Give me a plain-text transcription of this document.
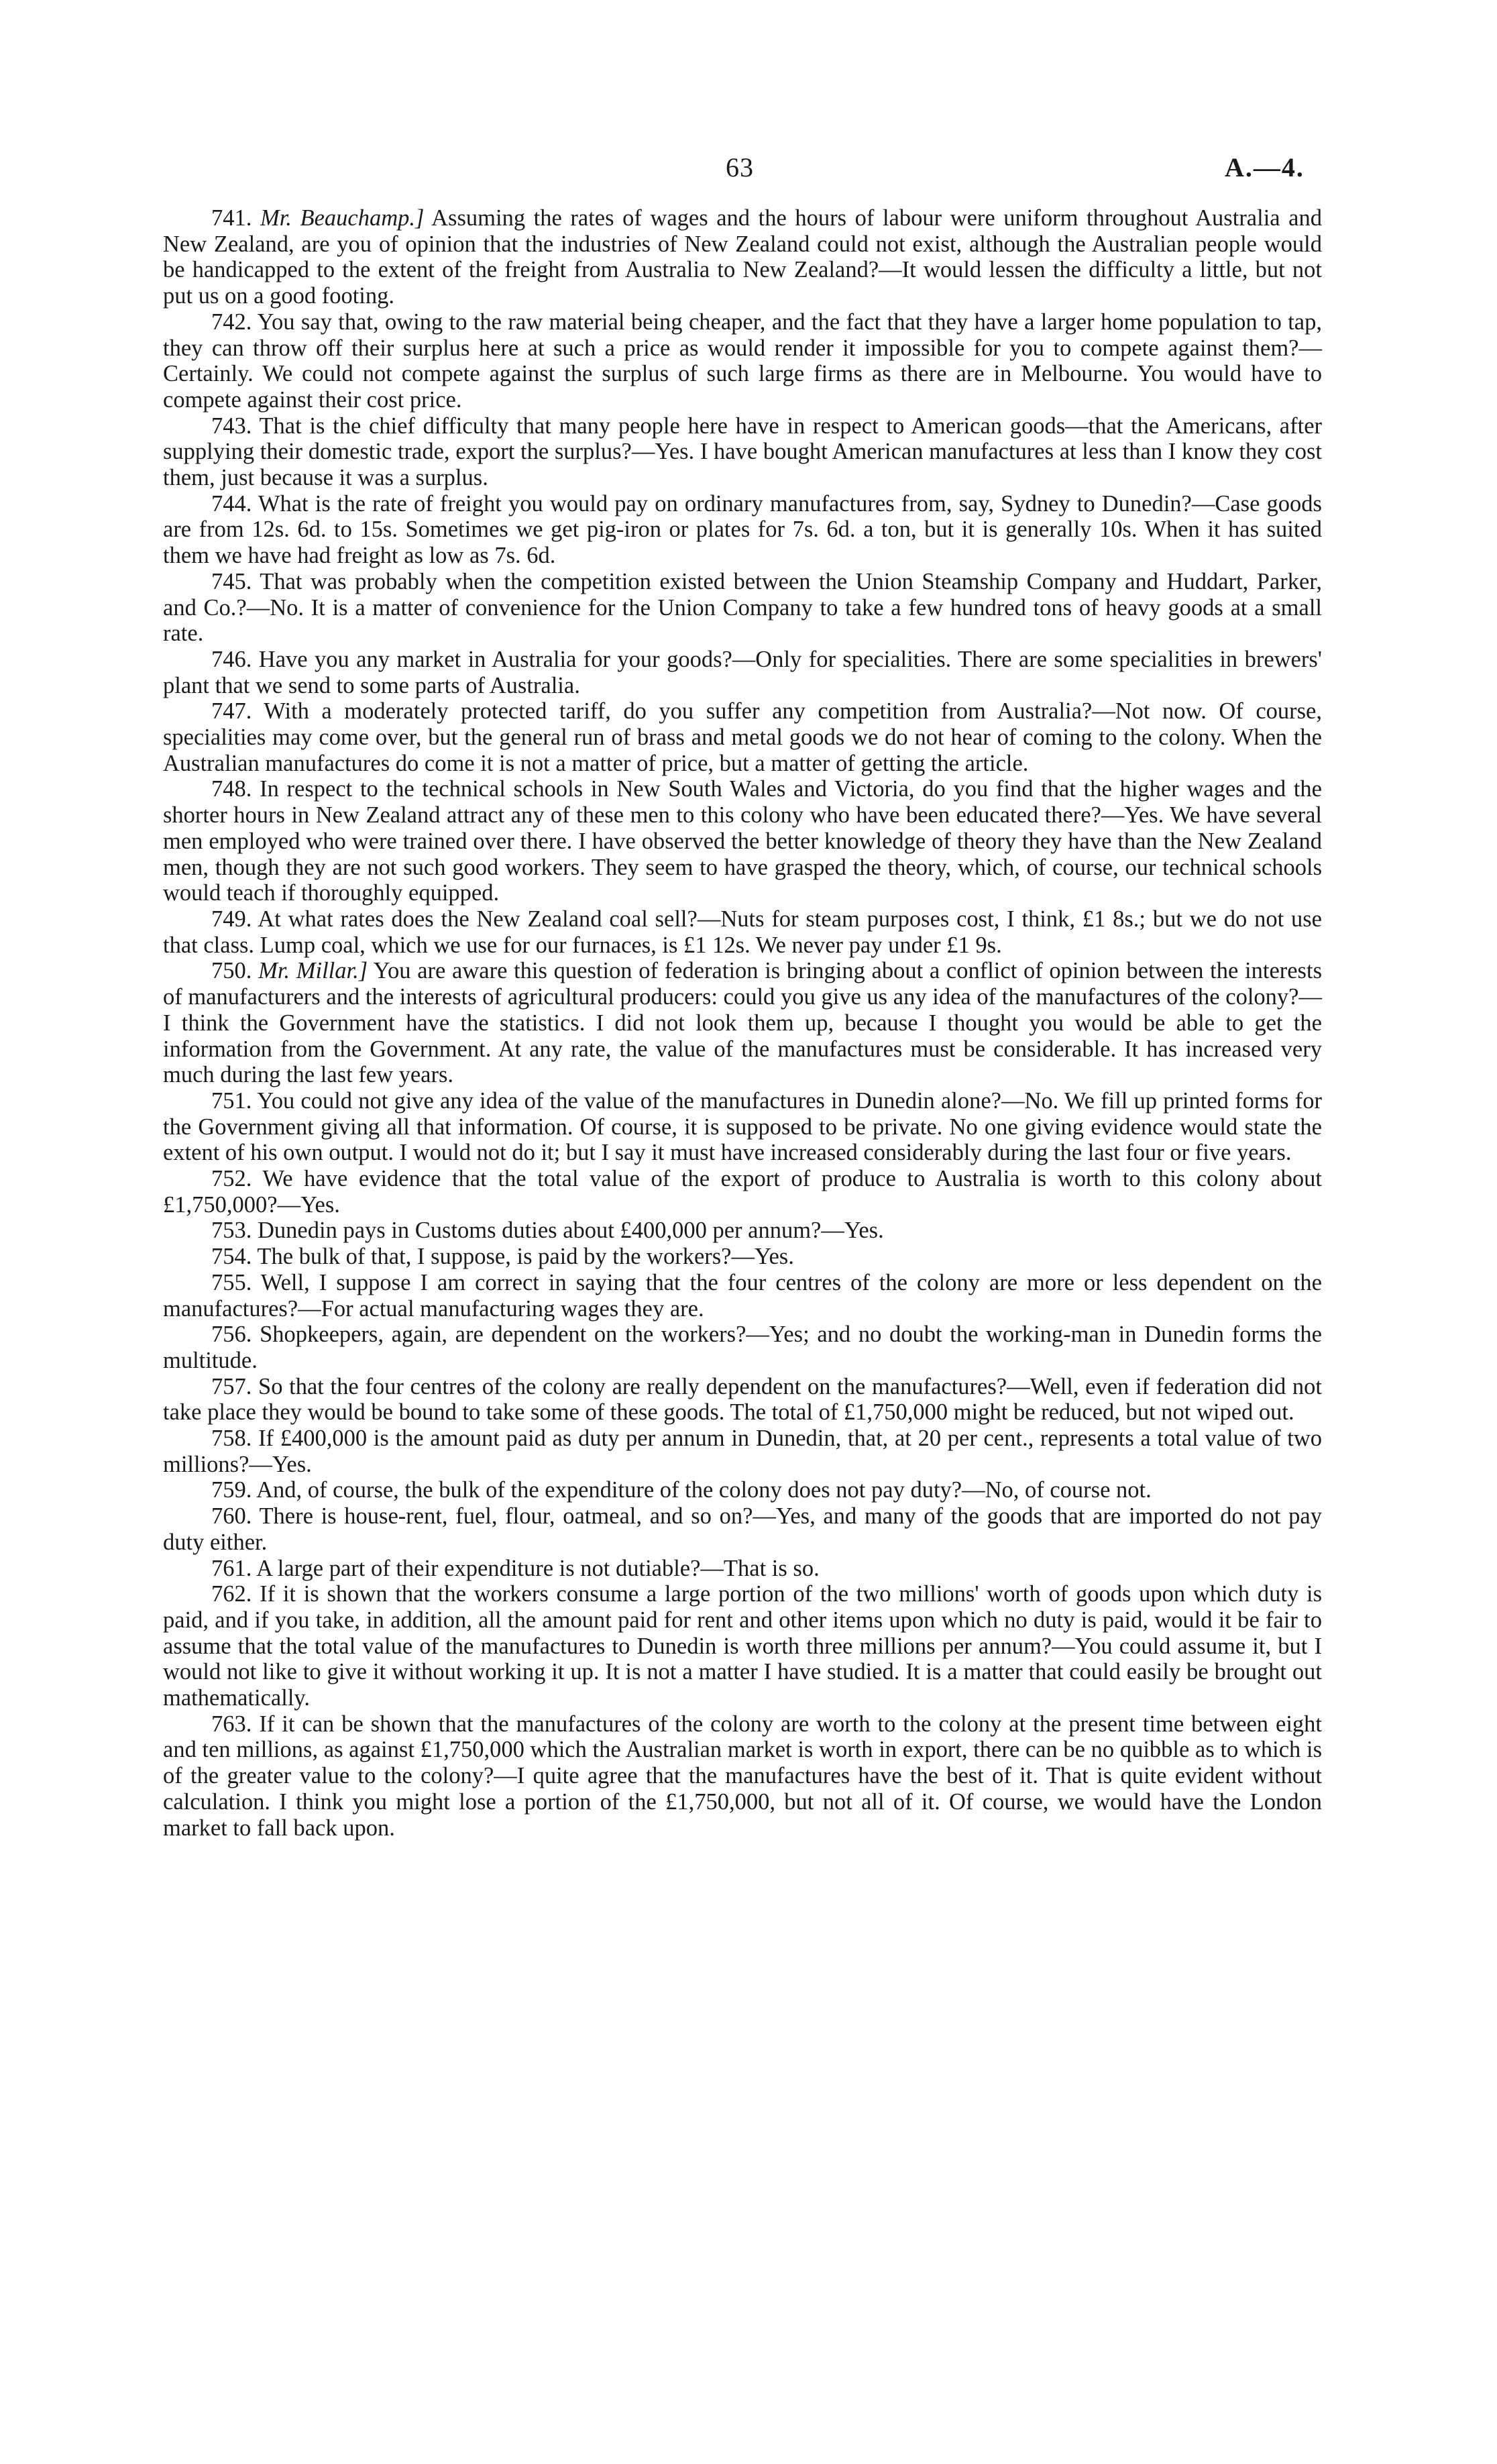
63	A.—4.

741. Mr. Beauchamp.] Assuming the rates of wages and the hours of labour were uniform throughout Australia and New Zealand, are you of opinion that the industries of New Zealand could not exist, although the Australian people would be handicapped to the extent of the freight from Australia to New Zealand?—It would lessen the difficulty a little, but not put us on a good footing.

742. You say that, owing to the raw material being cheaper, and the fact that they have a larger home population to tap, they can throw off their surplus here at such a price as would render it impossible for you to compete against them?—Certainly. We could not compete against the surplus of such large firms as there are in Melbourne. You would have to compete against their cost price.

743. That is the chief difficulty that many people here have in respect to American goods—that the Americans, after supplying their domestic trade, export the surplus?—Yes. I have bought American manufactures at less than I know they cost them, just because it was a surplus.

744. What is the rate of freight you would pay on ordinary manufactures from, say, Sydney to Dunedin?—Case goods are from 12s. 6d. to 15s. Sometimes we get pig-iron or plates for 7s. 6d. a ton, but it is generally 10s. When it has suited them we have had freight as low as 7s. 6d.

745. That was probably when the competition existed between the Union Steamship Company and Huddart, Parker, and Co.?—No. It is a matter of convenience for the Union Company to take a few hundred tons of heavy goods at a small rate.

746. Have you any market in Australia for your goods?—Only for specialities. There are some specialities in brewers' plant that we send to some parts of Australia.

747. With a moderately protected tariff, do you suffer any competition from Australia?—Not now. Of course, specialities may come over, but the general run of brass and metal goods we do not hear of coming to the colony. When the Australian manufactures do come it is not a matter of price, but a matter of getting the article.

748. In respect to the technical schools in New South Wales and Victoria, do you find that the higher wages and the shorter hours in New Zealand attract any of these men to this colony who have been educated there?—Yes. We have several men employed who were trained over there. I have observed the better knowledge of theory they have than the New Zealand men, though they are not such good workers. They seem to have grasped the theory, which, of course, our technical schools would teach if thoroughly equipped.

749. At what rates does the New Zealand coal sell?—Nuts for steam purposes cost, I think, £1 8s.; but we do not use that class. Lump coal, which we use for our furnaces, is £1 12s. We never pay under £1 9s.

750. Mr. Millar.] You are aware this question of federation is bringing about a conflict of opinion between the interests of manufacturers and the interests of agricultural producers: could you give us any idea of the manufactures of the colony?—I think the Government have the statistics. I did not look them up, because I thought you would be able to get the information from the Government. At any rate, the value of the manufactures must be considerable. It has increased very much during the last few years.

751. You could not give any idea of the value of the manufactures in Dunedin alone?—No. We fill up printed forms for the Government giving all that information. Of course, it is supposed to be private. No one giving evidence would state the extent of his own output. I would not do it; but I say it must have increased considerably during the last four or five years.

752. We have evidence that the total value of the export of produce to Australia is worth to this colony about £1,750,000?—Yes.

753. Dunedin pays in Customs duties about £400,000 per annum?—Yes.

754. The bulk of that, I suppose, is paid by the workers?—Yes.

755. Well, I suppose I am correct in saying that the four centres of the colony are more or less dependent on the manufactures?—For actual manufacturing wages they are.

756. Shopkeepers, again, are dependent on the workers?—Yes; and no doubt the working-man in Dunedin forms the multitude.

757. So that the four centres of the colony are really dependent on the manufactures?—Well, even if federation did not take place they would be bound to take some of these goods. The total of £1,750,000 might be reduced, but not wiped out.

758. If £400,000 is the amount paid as duty per annum in Dunedin, that, at 20 per cent., represents a total value of two millions?—Yes.

759. And, of course, the bulk of the expenditure of the colony does not pay duty?—No, of course not.

760. There is house-rent, fuel, flour, oatmeal, and so on?—Yes, and many of the goods that are imported do not pay duty either.

761. A large part of their expenditure is not dutiable?—That is so.

762. If it is shown that the workers consume a large portion of the two millions' worth of goods upon which duty is paid, and if you take, in addition, all the amount paid for rent and other items upon which no duty is paid, would it be fair to assume that the total value of the manufactures to Dunedin is worth three millions per annum?—You could assume it, but I would not like to give it without working it up. It is not a matter I have studied. It is a matter that could easily be brought out mathematically.

763. If it can be shown that the manufactures of the colony are worth to the colony at the present time between eight and ten millions, as against £1,750,000 which the Australian market is worth in export, there can be no quibble as to which is of the greater value to the colony?—I quite agree that the manufactures have the best of it. That is quite evident without calculation. I think you might lose a portion of the £1,750,000, but not all of it. Of course, we would have the London market to fall back upon.
